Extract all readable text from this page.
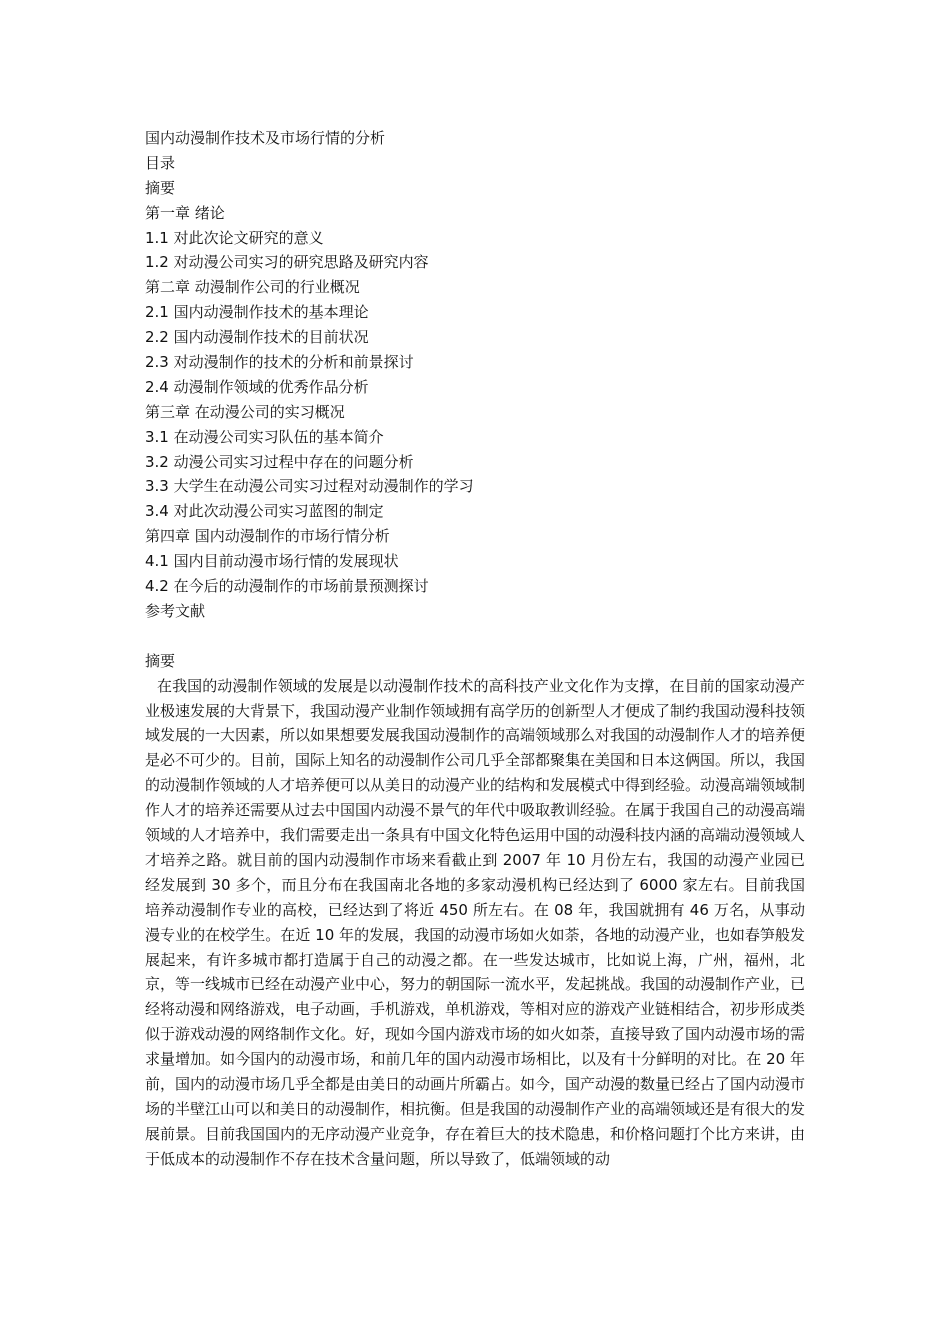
国内动漫制作技术及市场行情的分析

目录

摘要

第一章 绪论

1.1 对此次论文研究的意义

1.2 对动漫公司实习的研究思路及研究内容

第二章 动漫制作公司的行业概况

2.1 国内动漫制作技术的基本理论

2.2 国内动漫制作技术的目前状况

2.3 对动漫制作的技术的分析和前景探讨

2.4 动漫制作领域的优秀作品分析

第三章 在动漫公司的实习概况

3.1 在动漫公司实习队伍的基本简介

3.2 动漫公司实习过程中存在的问题分析

3.3 大学生在动漫公司实习过程对动漫制作的学习

3.4 对此次动漫公司实习蓝图的制定

第四章 国内动漫制作的市场行情分析

4.1 国内目前动漫市场行情的发展现状

4.2 在今后的动漫制作的市场前景预测探讨

参考文献

摘要

在我国的动漫制作领域的发展是以动漫制作技术的高科技产业文化作为支撑，在目前的国家动漫产业极速发展的大背景下，我国动漫产业制作领域拥有高学历的创新型人才便成了制约我国动漫科技领域发展的一大因素，所以如果想要发展我国动漫制作的高端领域那么对我国的动漫制作人才的培养便是必不可少的。目前，国际上知名的动漫制作公司几乎全部都聚集在美国和日本这俩国。所以，我国的动漫制作领域的人才培养便可以从美日的动漫产业的结构和发展模式中得到经验。动漫高端领域制作人才的培养还需要从过去中国国内动漫不景气的年代中吸取教训经验。在属于我国自己的动漫高端领域的人才培养中，我们需要走出一条具有中国文化特色运用中国的动漫科技内涵的高端动漫领域人才培养之路。就目前的国内动漫制作市场来看截止到 2007 年 10 月份左右，我国的动漫产业园已经发展到 30 多个，而且分布在我国南北各地的多家动漫机构已经达到了 6000 家左右。目前我国培养动漫制作专业的高校，已经达到了将近 450 所左右。在 08 年，我国就拥有 46 万名，从事动漫专业的在校学生。在近 10 年的发展，我国的动漫市场如火如荼，各地的动漫产业，也如春笋般发展起来，有许多城市都打造属于自己的动漫之都。在一些发达城市，比如说上海，广州，福州，北京，等一线城市已经在动漫产业中心，努力的朝国际一流水平，发起挑战。我国的动漫制作产业，已经将动漫和网络游戏，电子动画，手机游戏，单机游戏，等相对应的游戏产业链相结合，初步形成类似于游戏动漫的网络制作文化。好，现如今国内游戏市场的如火如荼，直接导致了国内动漫市场的需求量增加。如今国内的动漫市场，和前几年的国内动漫市场相比，以及有十分鲜明的对比。在 20 年前，国内的动漫市场几乎全都是由美日的动画片所霸占。如今，国产动漫的数量已经占了国内动漫市场的半壁江山可以和美日的动漫制作，相抗衡。但是我国的动漫制作产业的高端领域还是有很大的发展前景。目前我国国内的无序动漫产业竞争，存在着巨大的技术隐患，和价格问题打个比方来讲，由于低成本的动漫制作不存在技术含量问题，所以导致了，低端领域的动
